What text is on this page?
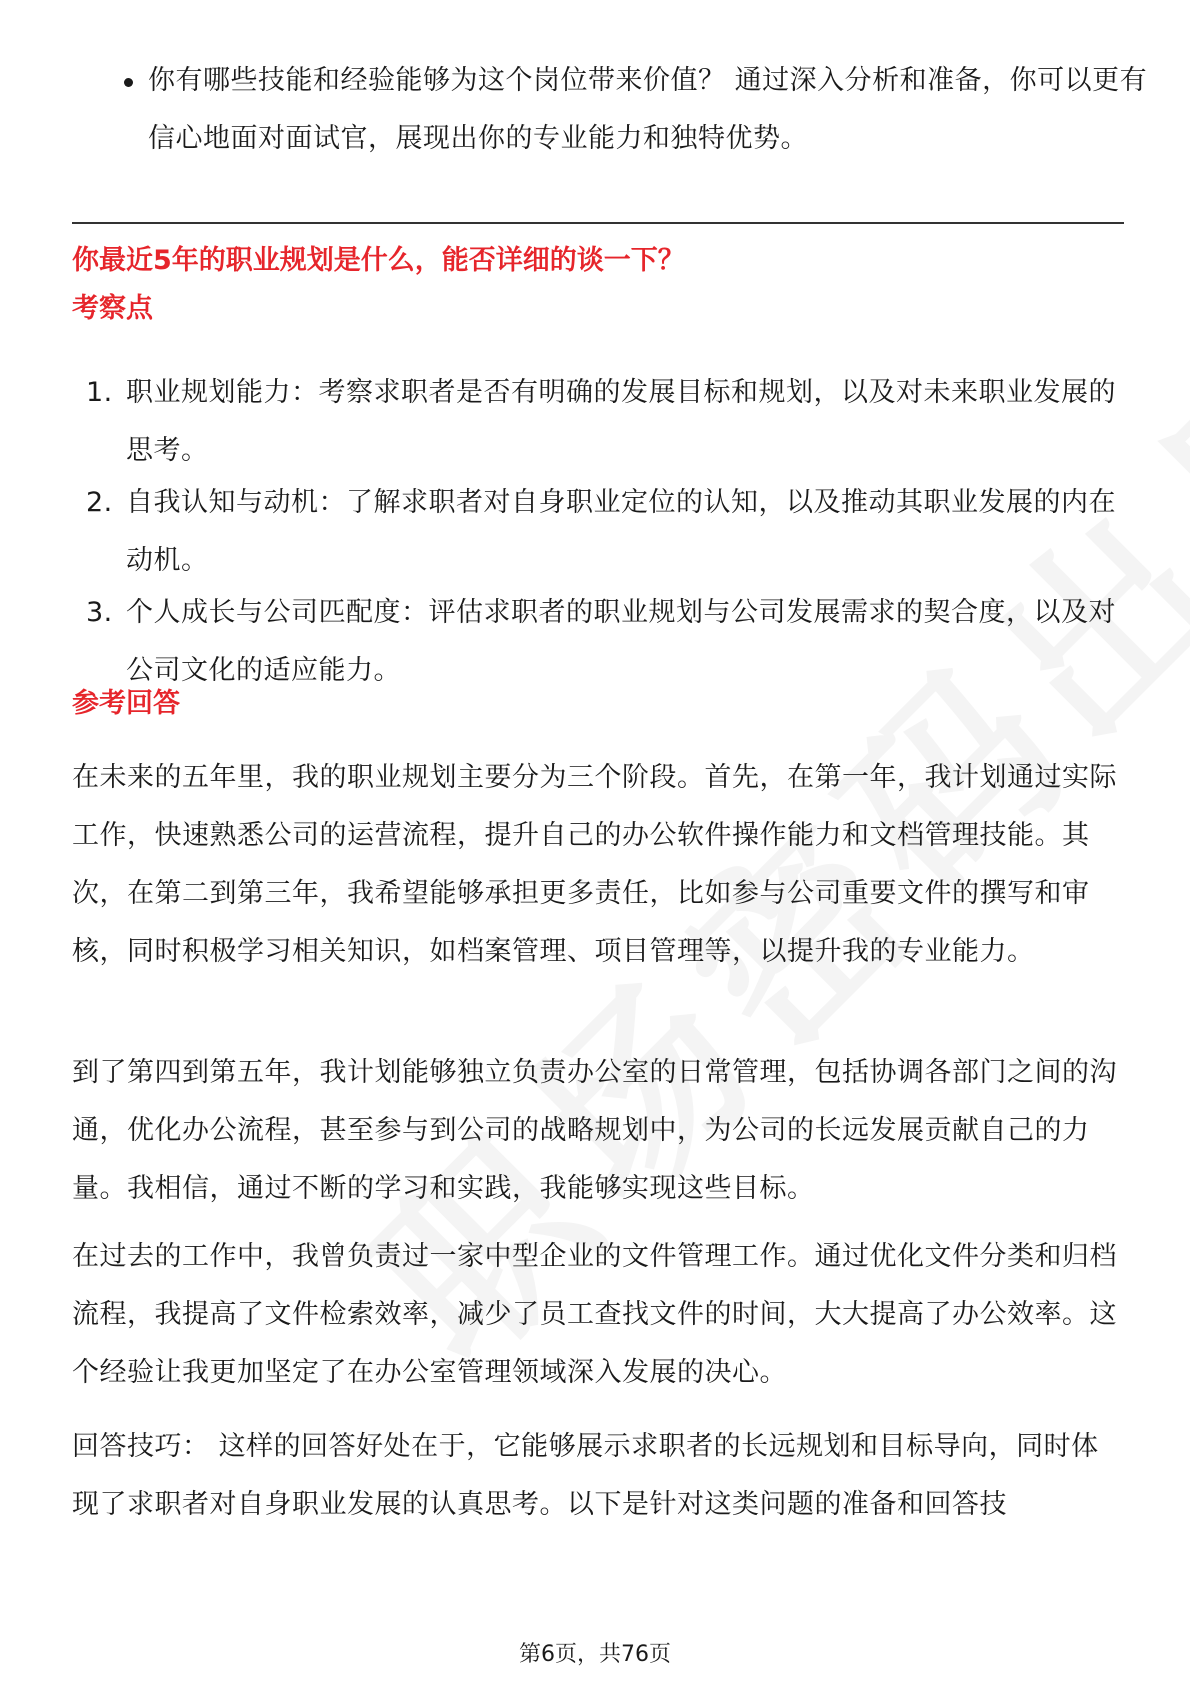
你有哪些技能和经验能够为这个岗位带来价值？ 通过深入分析和准备，你可以更有信心地面对面试官，展现出你的专业能力和独特优势。
你最近5年的职业规划是什么，能否详细的谈一下？
考察点
1. 职业规划能力：考察求职者是否有明确的发展目标和规划，以及对未来职业发展的思考。
2. 自我认知与动机：了解求职者对自身职业定位的认知，以及推动其职业发展的内在动机。
3. 个人成长与公司匹配度：评估求职者的职业规划与公司发展需求的契合度，以及对公司文化的适应能力。
参考回答
在未来的五年里，我的职业规划主要分为三个阶段。首先，在第一年，我计划通过实际工作，快速熟悉公司的运营流程，提升自己的办公软件操作能力和文档管理技能。其次，在第二到第三年，我希望能够承担更多责任，比如参与公司重要文件的撰写和审核，同时积极学习相关知识，如档案管理、项目管理等，以提升我的专业能力。
到了第四到第五年，我计划能够独立负责办公室的日常管理，包括协调各部门之间的沟通，优化办公流程，甚至参与到公司的战略规划中，为公司的长远发展贡献自己的力量。我相信，通过不断的学习和实践，我能够实现这些目标。
在过去的工作中，我曾负责过一家中型企业的文件管理工作。通过优化文件分类和归档流程，我提高了文件检索效率，减少了员工查找文件的时间，大大提高了办公效率。这个经验让我更加坚定了在办公室管理领域深入发展的决心。
回答技巧： 这样的回答好处在于，它能够展示求职者的长远规划和目标导向，同时体现了求职者对自身职业发展的认真思考。以下是针对这类问题的准备和回答技
第6页，共76页
